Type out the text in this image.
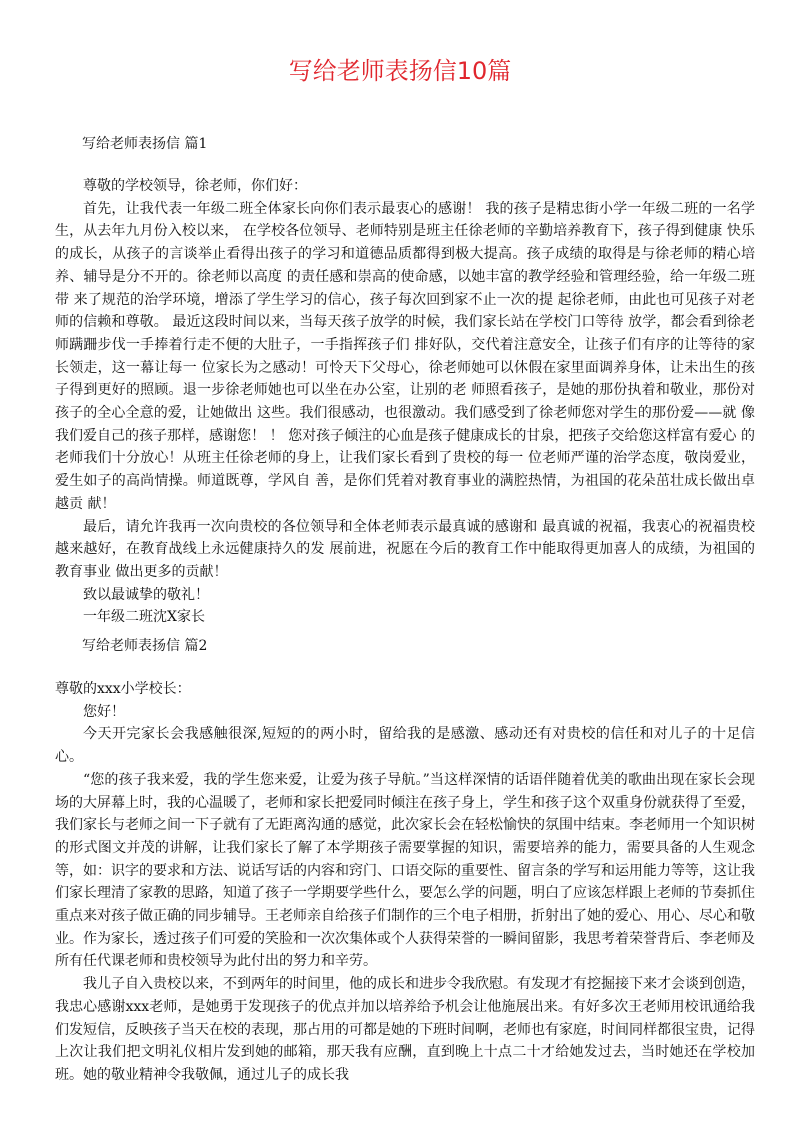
写给老师表扬信10篇
写给老师表扬信 篇1

尊敬的学校领导，徐老师，你们好：

首先，让我代表一年级二班全体家长向你们表示最衷心的感谢！ 我的孩子是精忠街小学一年级二班的一名学生，从去年九月份入校以来， 在学校各位领导、老师特别是班主任徐老师的辛勤培养教育下，孩子得到健康 快乐的成长，从孩子的言谈举止看得出孩子的学习和道德品质都得到极大提高。孩子成绩的取得是与徐老师的精心培养、辅导是分不开的。徐老师以高度 的责任感和崇高的使命感，以她丰富的教学经验和管理经验，给一年级二班带 来了规范的治学环境，增添了学生学习的信心，孩子每次回到家不止一次的提 起徐老师，由此也可见孩子对老师的信赖和尊敬。 最近这段时间以来，当每天孩子放学的时候，我们家长站在学校门口等待 放学，都会看到徐老师蹒跚步伐一手捧着行走不便的大肚子，一手指挥孩子们 排好队，交代着注意安全，让孩子们有序的让等待的家长领走，这一幕让每一 位家长为之感动！可怜天下父母心，徐老师她可以休假在家里面调养身体，让未出生的孩子得到更好的照顾。退一步徐老师她也可以坐在办公室，让别的老 师照看孩子，是她的那份执着和敬业，那份对孩子的全心全意的爱，让她做出 这些。我们很感动，也很激动。我们感受到了徐老师您对学生的那份爱——就 像我们爱自己的孩子那样，感谢您！ ！ 您对孩子倾注的心血是孩子健康成长的甘泉，把孩子交给您这样富有爱心 的老师我们十分放心！从班主任徐老师的身上，让我们家长看到了贵校的每一 位老师严谨的治学态度，敬岗爱业，爱生如子的高尚情操。师道既尊，学风自 善，是你们凭着对教育事业的满腔热情，为祖国的花朵茁壮成长做出卓越贡 献！

最后，请允许我再一次向贵校的各位领导和全体老师表示最真诚的感谢和 最真诚的祝福，我衷心的祝福贵校越来越好，在教育战线上永远健康持久的发 展前进，祝愿在今后的教育工作中能取得更加喜人的成绩，为祖国的教育事业 做出更多的贡献！

致以最诚挚的敬礼！

一年级二班沈X家长

写给老师表扬信 篇2

尊敬的xxx小学校长：

您好！

今天开完家长会我感触很深,短短的的两小时，留给我的是感激、感动还有对贵校的信任和对儿子的十足信心。

“您的孩子我来爱，我的学生您来爱，让爱为孩子导航。”当这样深情的话语伴随着优美的歌曲出现在家长会现场的大屏幕上时，我的心温暖了，老师和家长把爱同时倾注在孩子身上，学生和孩子这个双重身份就获得了至爱，我们家长与老师之间一下子就有了无距离沟通的感觉，此次家长会在轻松愉快的氛围中结束。李老师用一个知识树的形式图文并茂的讲解，让我们家长了解了本学期孩子需要掌握的知识，需要培养的能力，需要具备的人生观念等，如：识字的要求和方法、说话写话的内容和窍门、口语交际的重要性、留言条的学写和运用能力等等，这让我们家长理清了家教的思路，知道了孩子一学期要学些什么，要怎么学的问题，明白了应该怎样跟上老师的节奏抓住重点来对孩子做正确的同步辅导。王老师亲自给孩子们制作的三个电子相册，折射出了她的爱心、用心、尽心和敬业。作为家长，透过孩子们可爱的笑脸和一次次集体或个人获得荣誉的一瞬间留影，我思考着荣誉背后、李老师及所有任代课老师和贵校领导为此付出的努力和辛劳。

我儿子自入贵校以来，不到两年的时间里，他的成长和进步令我欣慰。有发现才有挖掘接下来才会谈到创造，我忠心感谢xxx老师，是她勇于发现孩子的优点并加以培养给予机会让他施展出来。有好多次王老师用校讯通给我们发短信，反映孩子当天在校的表现，那占用的可都是她的下班时间啊，老师也有家庭，时间同样都很宝贵，记得上次让我们把文明礼仪相片发到她的邮箱，那天我有应酬，直到晚上十点二十才给她发过去，当时她还在学校加班。她的敬业精神令我敬佩，通过儿子的成长我
